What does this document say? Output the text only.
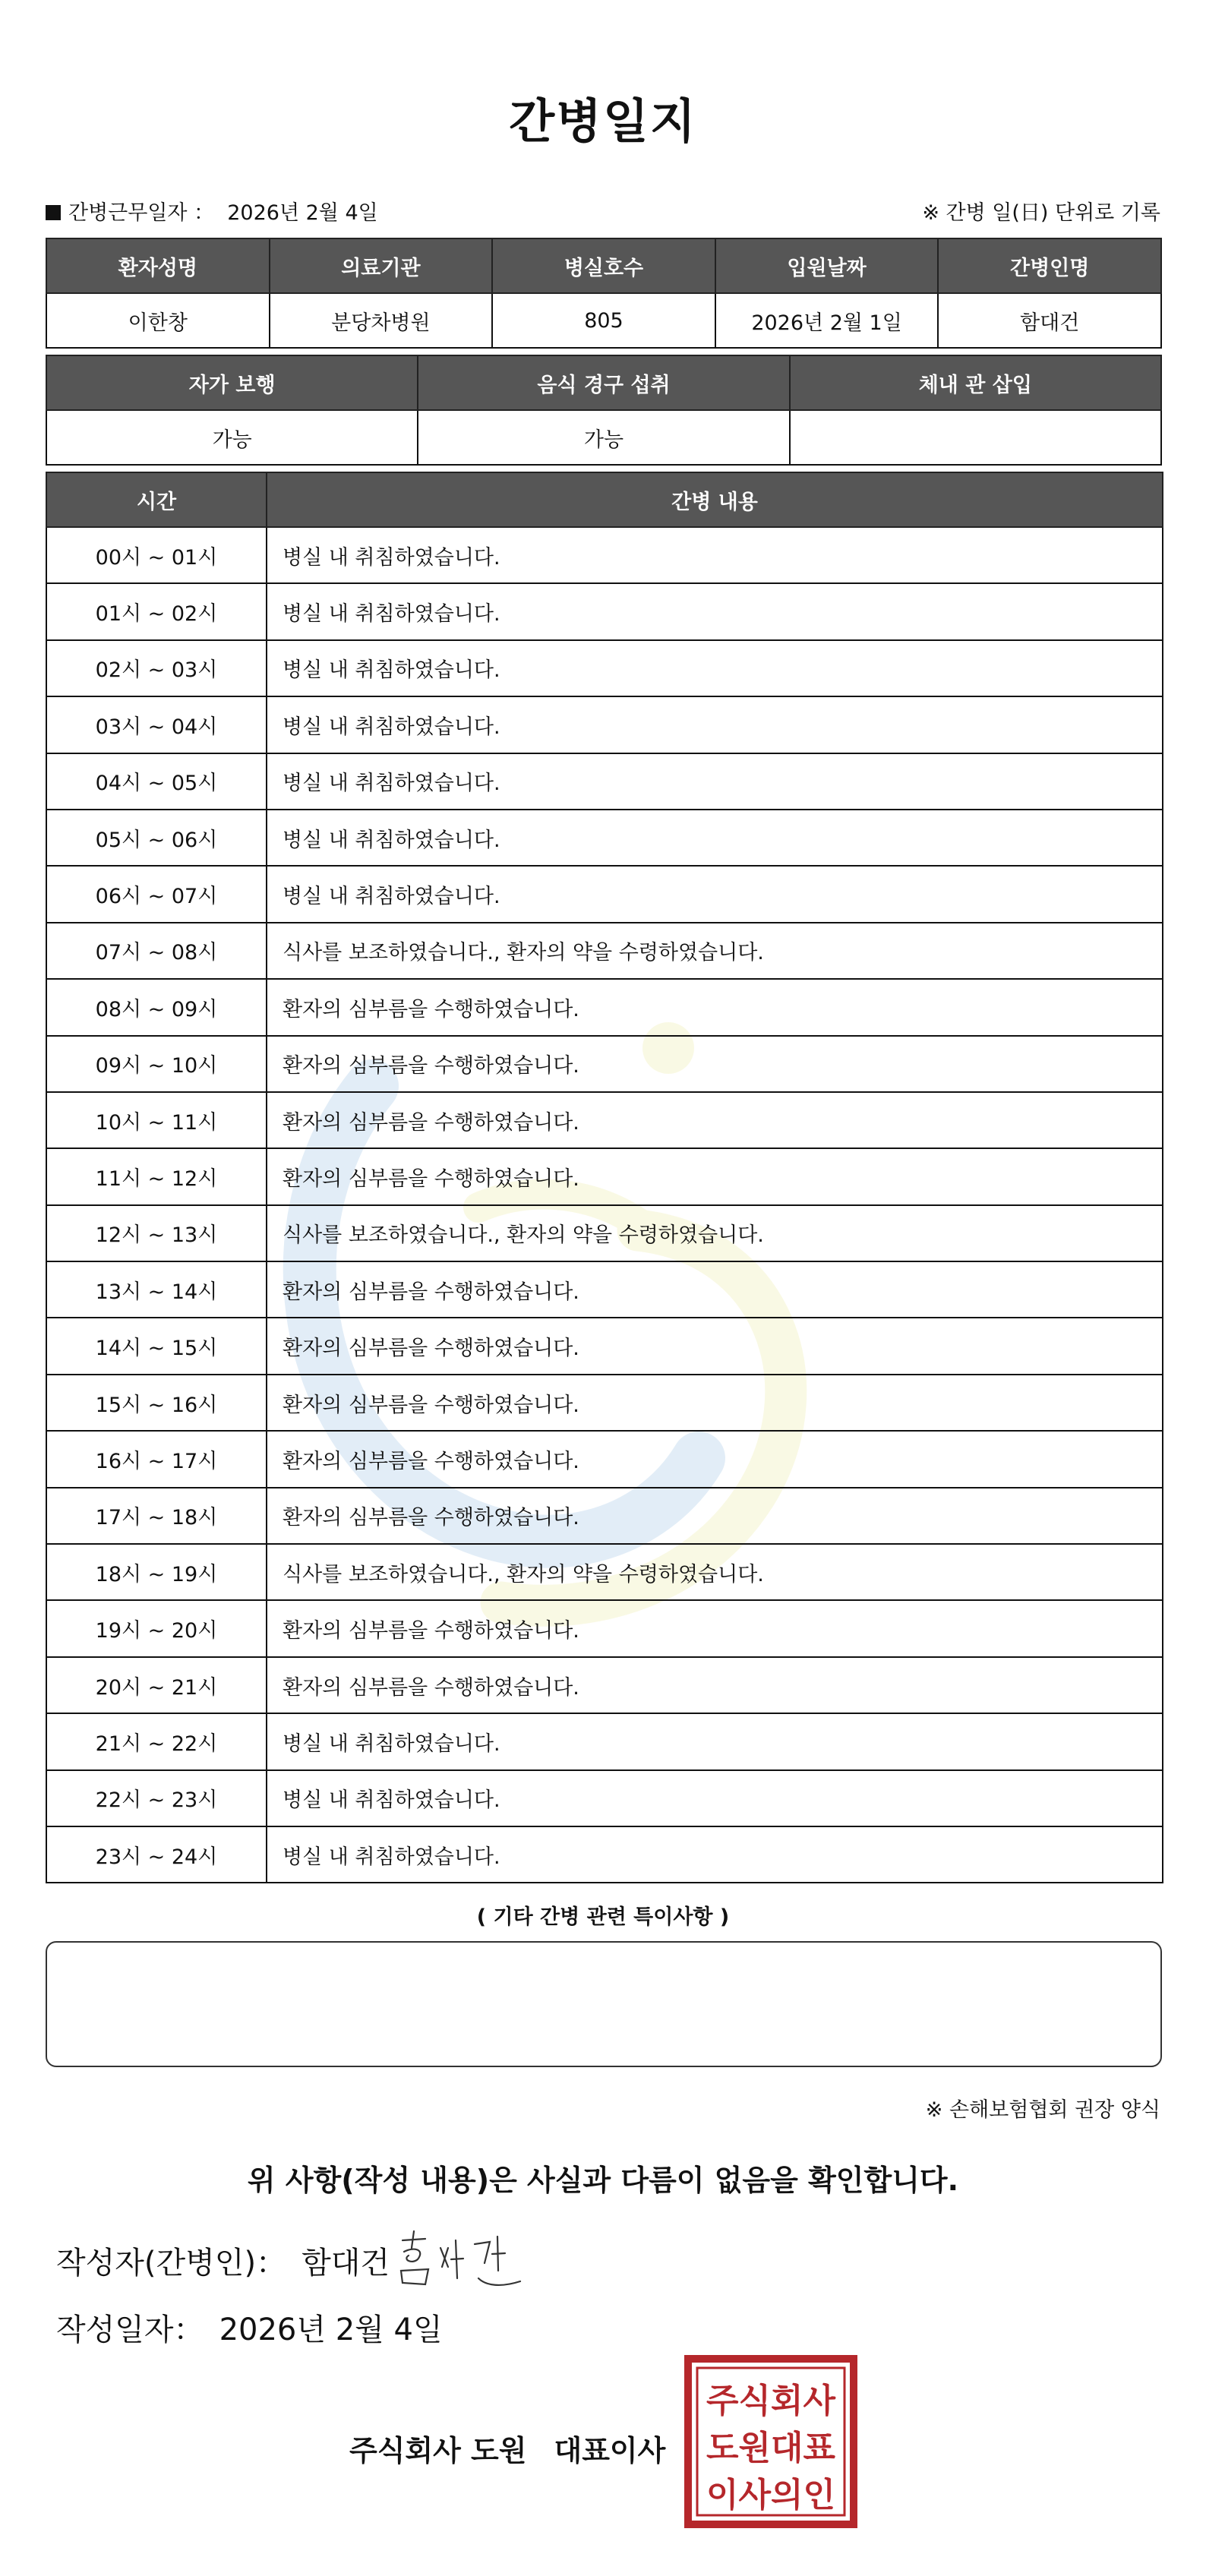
간병일지
간병근무일자 ： 2026년 2월 4일	※ 간병 일(日) 단위로 기록
환자성명	의료기관	병실호수	입원날짜	간병인명
이한창	분당차병원	805	2026년 2월 1일	함대건
자가 보행	음식 경구 섭취	체내 관 삽입
가능	가능	
시간	간병 내용
00시 ~ 01시	병실 내 취침하였습니다.
01시 ~ 02시	병실 내 취침하였습니다.
02시 ~ 03시	병실 내 취침하였습니다.
03시 ~ 04시	병실 내 취침하였습니다.
04시 ~ 05시	병실 내 취침하였습니다.
05시 ~ 06시	병실 내 취침하였습니다.
06시 ~ 07시	병실 내 취침하였습니다.
07시 ~ 08시	식사를 보조하였습니다., 환자의 약을 수령하였습니다.
08시 ~ 09시	환자의 심부름을 수행하였습니다.
09시 ~ 10시	환자의 심부름을 수행하였습니다.
10시 ~ 11시	환자의 심부름을 수행하였습니다.
11시 ~ 12시	환자의 심부름을 수행하였습니다.
12시 ~ 13시	식사를 보조하였습니다., 환자의 약을 수령하였습니다.
13시 ~ 14시	환자의 심부름을 수행하였습니다.
14시 ~ 15시	환자의 심부름을 수행하였습니다.
15시 ~ 16시	환자의 심부름을 수행하였습니다.
16시 ~ 17시	환자의 심부름을 수행하였습니다.
17시 ~ 18시	환자의 심부름을 수행하였습니다.
18시 ~ 19시	식사를 보조하였습니다., 환자의 약을 수령하였습니다.
19시 ~ 20시	환자의 심부름을 수행하였습니다.
20시 ~ 21시	환자의 심부름을 수행하였습니다.
21시 ~ 22시	병실 내 취침하였습니다.
22시 ~ 23시	병실 내 취침하였습니다.
23시 ~ 24시	병실 내 취침하였습니다.
( 기타 간병 관련 특이사항 )
※ 손해보험협회 권장 양식
위 사항(작성 내용)은 사실과 다름이 없음을 확인합니다.
작성자(간병인)： 함대건
작성일자： 2026년 2월 4일
주식회사 도원 대표이사
주식회사
도원대표
이사의인
